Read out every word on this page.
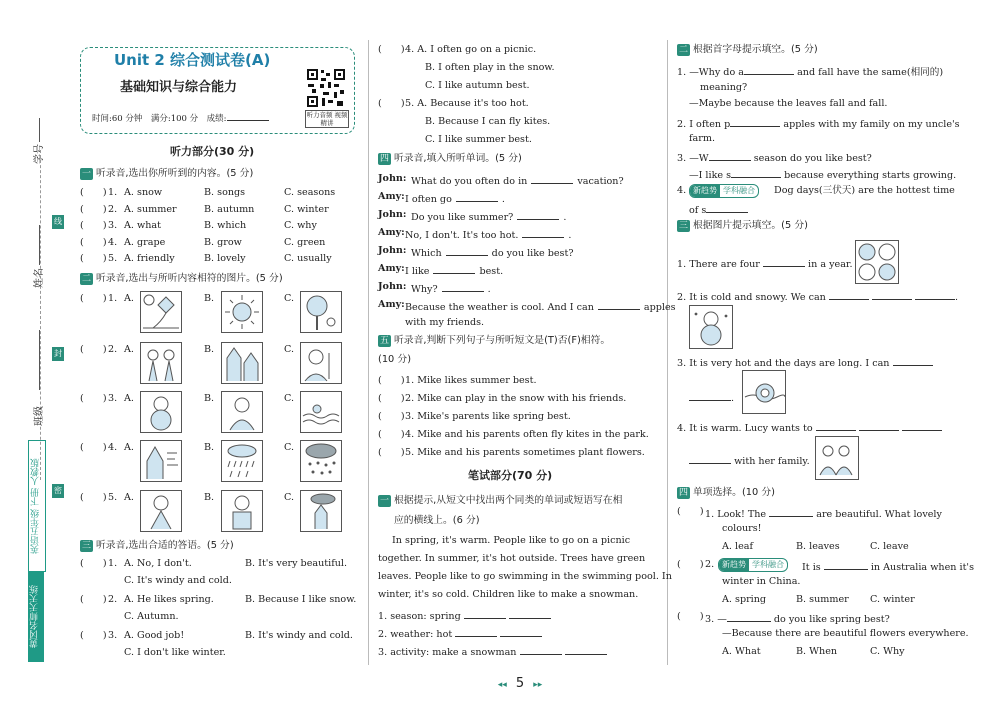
学号
姓名
班级
线
封
密
英语五年级 下册 人教版
黄冈名师天天练
Unit 2 综合测试卷(A)
基础知识与综合能力
时间:60 分钟　满分:100 分　成绩:	听力音频 视频精讲
听力部分(30 分)
一 听录音,选出你所听到的内容。(5 分)
(　　) 1. A. snow	B. songs	C. seasons
(　　) 2. A. summer	B. autumn	C. winter
(　　) 3. A. what	B. which	C. why
(　　) 4. A. grape	B. grow	C. green
(　　) 5. A. friendly	B. lovely	C. usually
二 听录音,选出与所听内容相符的图片。(5 分)
(　　) 1. A.	B.	C.
(　　) 2. A.	B.	C.
(　　) 3. A.	B.	C.
(　　) 4. A.	B.	C.
(　　) 5. A.	B.	C.
三 听录音,选出合适的答语。(5 分)
(　　) 1. A. No, I don't.	B. It's very beautiful.
C. It's windy and cold.
(　　) 2. A. He likes spring.	B. Because I like snow.
C. Autumn.
(　　) 3. A. Good job!	B. It's windy and cold.
C. I don't like winter.
(　　) 4. A. I often go on a picnic.
B. I often play in the snow.
C. I like autumn best.
(　　) 5. A. Because it's too hot.
B. Because I can fly kites.
C. I like summer best.
四 听录音,填入所听单词。(5 分)
John: What do you often do in	vacation?
Amy: I often go	.
John: Do you like summer?	.
Amy: No, I don't. It's too hot.	.
John: Which	do you like best?
Amy: I like	best.
John: Why?	.
Amy: Because the weather is cool. And I can	apples
with my friends.
五 听录音,判断下列句子与所听短文是(T)否(F)相符。
(10 分)
(　　) 1. Mike likes summer best.
(　　) 2. Mike can play in the snow with his friends.
(　　) 3. Mike's parents like spring best.
(　　) 4. Mike and his parents often fly kites in the park.
(　　) 5. Mike and his parents sometimes plant flowers.
笔试部分(70 分)
一 根据提示,从短文中找出两个同类的单词或短语写在相
应的横线上。(6 分)
In spring, it's warm. People like to go on a picnic
together. In summer, it's hot outside. Trees have green
leaves. People like to go swimming in the swimming pool. In
winter, it's so cold. Children like to make a snowman.
1. season: spring
2. weather: hot
3. activity: make a snowman
二 根据首字母提示填空。(5 分)
1. —Why do a	and fall have the same(相同的)
meaning?
—Maybe because the leaves fall and fall.
2. I often p	apples with my family on my uncle's
farm.
3. —W	season do you like best?
—I like s	because everything starts growing.
4. 新趋势 学科融合	Dog days(三伏天) are the hottest time
of s
三 根据图片提示填空。(5 分)
1. There are four	in a year.
2. It is cold and snowy. We can	.
3. It is very hot and the days are long. I can
.
4. It is warm. Lucy wants to
with her family.
四 单项选择。(10 分)
(　　) 1. Look! The	are beautiful. What lovely
colours!
A. leaf	B. leaves	C. leave
(　　) 2. 新趋势 学科融合	It is	in Australia when it's
winter in China.
A. spring	B. summer C. winter
(　　) 3. —	do you like spring best?
—Because there are beautiful flowers everywhere.
A. What	B. When	C. Why
◂◂ 5 ▸▸
